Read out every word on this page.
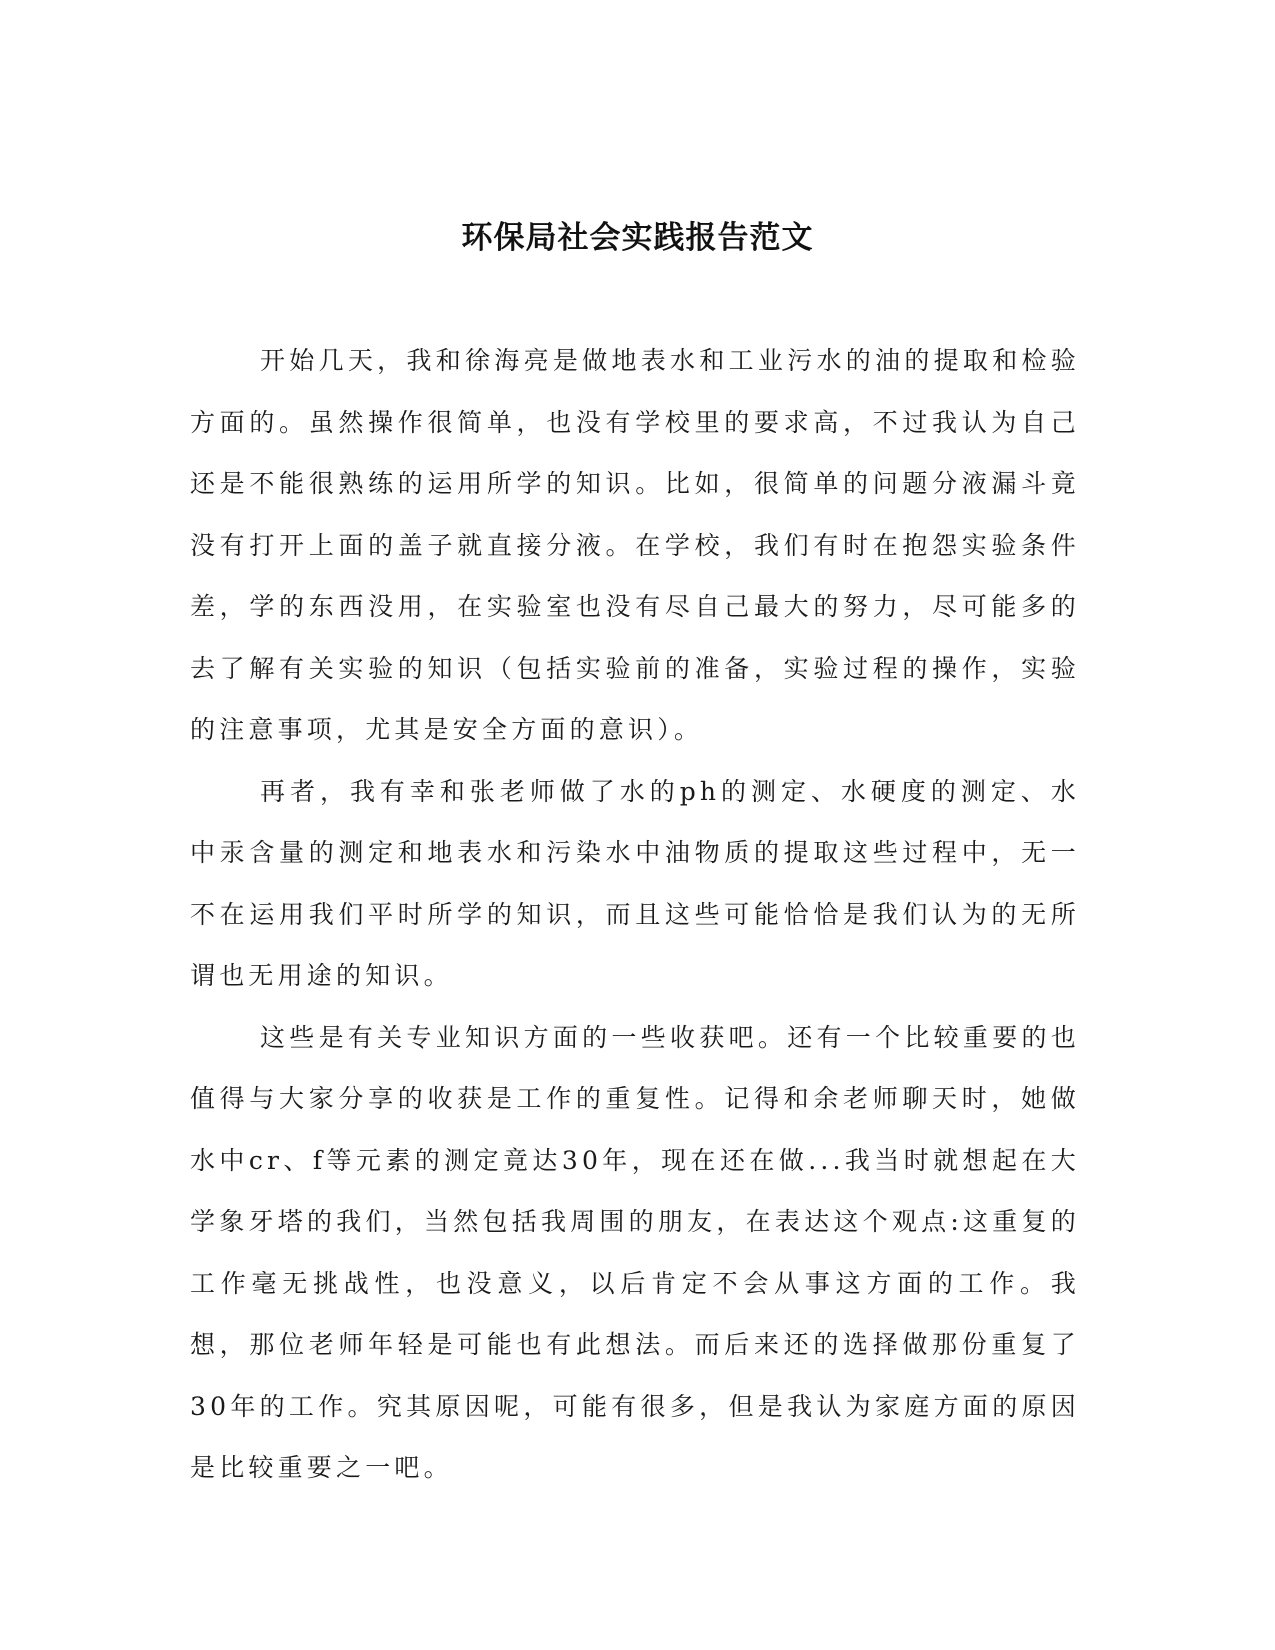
环保局社会实践报告范文

开始几天，我和徐海亮是做地表水和工业污水的油的提取和检验方面的。虽然操作很简单，也没有学校里的要求高，不过我认为自己还是不能很熟练的运用所学的知识。比如，很简单的问题分液漏斗竟没有打开上面的盖子就直接分液。在学校，我们有时在抱怨实验条件差，学的东西没用，在实验室也没有尽自己最大的努力，尽可能多的去了解有关实验的知识（包括实验前的准备，实验过程的操作，实验的注意事项，尤其是安全方面的意识）。

再者，我有幸和张老师做了水的ph的测定、水硬度的测定、水中汞含量的测定和地表水和污染水中油物质的提取这些过程中，无一不在运用我们平时所学的知识，而且这些可能恰恰是我们认为的无所谓也无用途的知识。

这些是有关专业知识方面的一些收获吧。还有一个比较重要的也值得与大家分享的收获是工作的重复性。记得和余老师聊天时，她做水中cr、f等元素的测定竟达30年，现在还在做...我当时就想起在大学象牙塔的我们，当然包括我周围的朋友，在表达这个观点:这重复的工作毫无挑战性，也没意义，以后肯定不会从事这方面的工作。我想，那位老师年轻是可能也有此想法。而后来还的选择做那份重复了30年的工作。究其原因呢，可能有很多，但是我认为家庭方面的原因是比较重要之一吧。
